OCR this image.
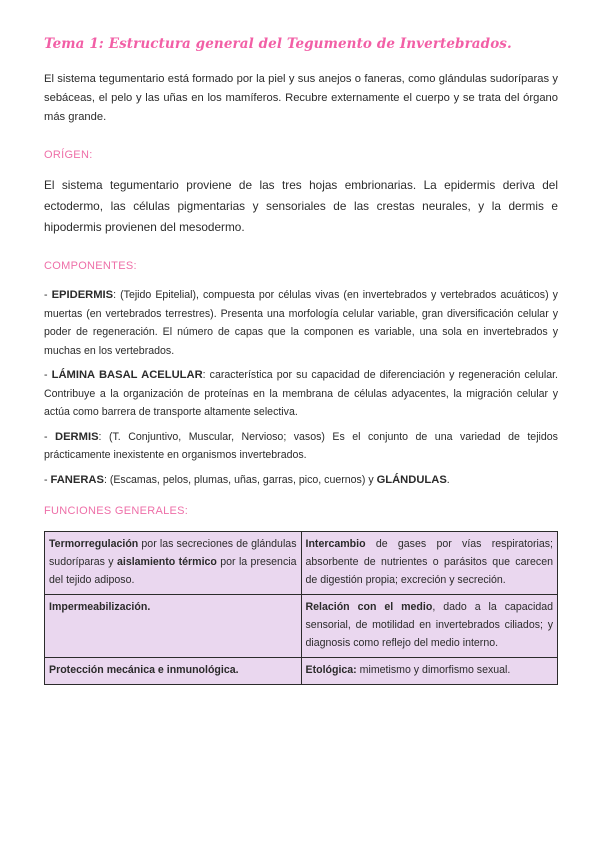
Tema 1: Estructura general del Tegumento de Invertebrados.

El sistema tegumentario está formado por la piel y sus anejos o faneras, como glándulas sudoríparas y sebáceas, el pelo y las uñas en los mamíferos. Recubre externamente el cuerpo y se trata del órgano más grande.

ORÍGEN:

El sistema tegumentario proviene de las tres hojas embrionarias. La epidermis deriva del ectodermo, las células pigmentarias y sensoriales de las crestas neurales, y la dermis e hipodermis provienen del mesodermo.

COMPONENTES:

- EPIDERMIS: (Tejido Epitelial), compuesta por células vivas (en invertebrados y vertebrados acuáticos) y muertas (en vertebrados terrestres). Presenta una morfología celular variable, gran diversificación celular y poder de regeneración. El número de capas que la componen es variable, una sola en invertebrados y muchas en los vertebrados.

- LÁMINA BASAL ACELULAR: característica por su capacidad de diferenciación y regeneración celular. Contribuye a la organización de proteínas en la membrana de células adyacentes, la migración celular y actúa como barrera de transporte altamente selectiva.

- DERMIS: (T. Conjuntivo, Muscular, Nervioso; vasos) Es el conjunto de una variedad de tejidos prácticamente inexistente en organismos invertebrados.

- FANERAS: (Escamas, pelos, plumas, uñas, garras, pico, cuernos) y GLÁNDULAS.

FUNCIONES GENERALES:
Termorregulación por las secreciones de glándulas sudoríparas y aislamiento térmico por la presencia del tejido adiposo.	Intercambio de gases por vías respiratorias; absorbente de nutrientes o parásitos que carecen de digestión propia; excreción y secreción.
Impermeabilización.	Relación con el medio, dado a la capacidad sensorial, de motilidad en invertebrados ciliados; y diagnosis como reflejo del medio interno.
Protección mecánica e inmunológica.	Etológica: mimetismo y dimorfismo sexual.
